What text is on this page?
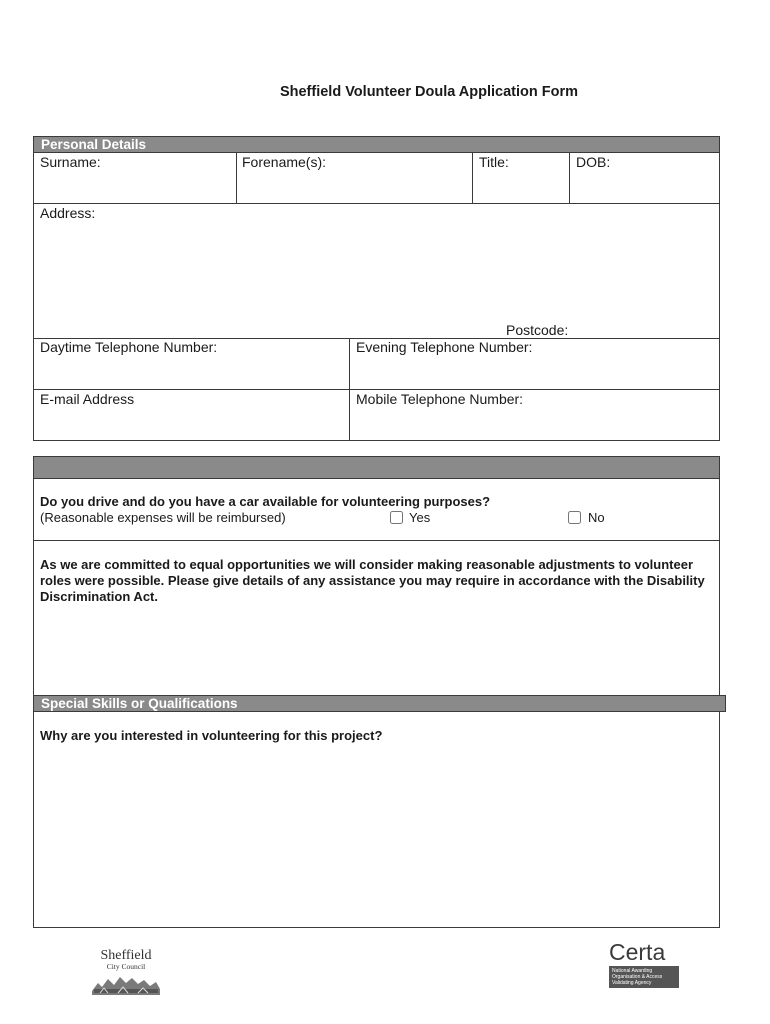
Sheffield Volunteer Doula Application Form
Personal Details
Surname:	Forename(s):	Title:	DOB:
Address:
Postcode:
Daytime Telephone Number:	Evening Telephone Number:
E-mail Address	Mobile Telephone Number:
Do you drive and do you have a car available for volunteering purposes?
(Reasonable expenses will be reimbursed)	Yes	No
As we are committed to equal opportunities we will consider making reasonable adjustments to volunteer roles were possible. Please give details of any assistance you may require in accordance with the Disability Discrimination Act.
Special Skills or Qualifications
Why are you interested in volunteering for this project?
Sheffield
City Council
Certa
National Awarding
Organisation & Access
Validating Agency
